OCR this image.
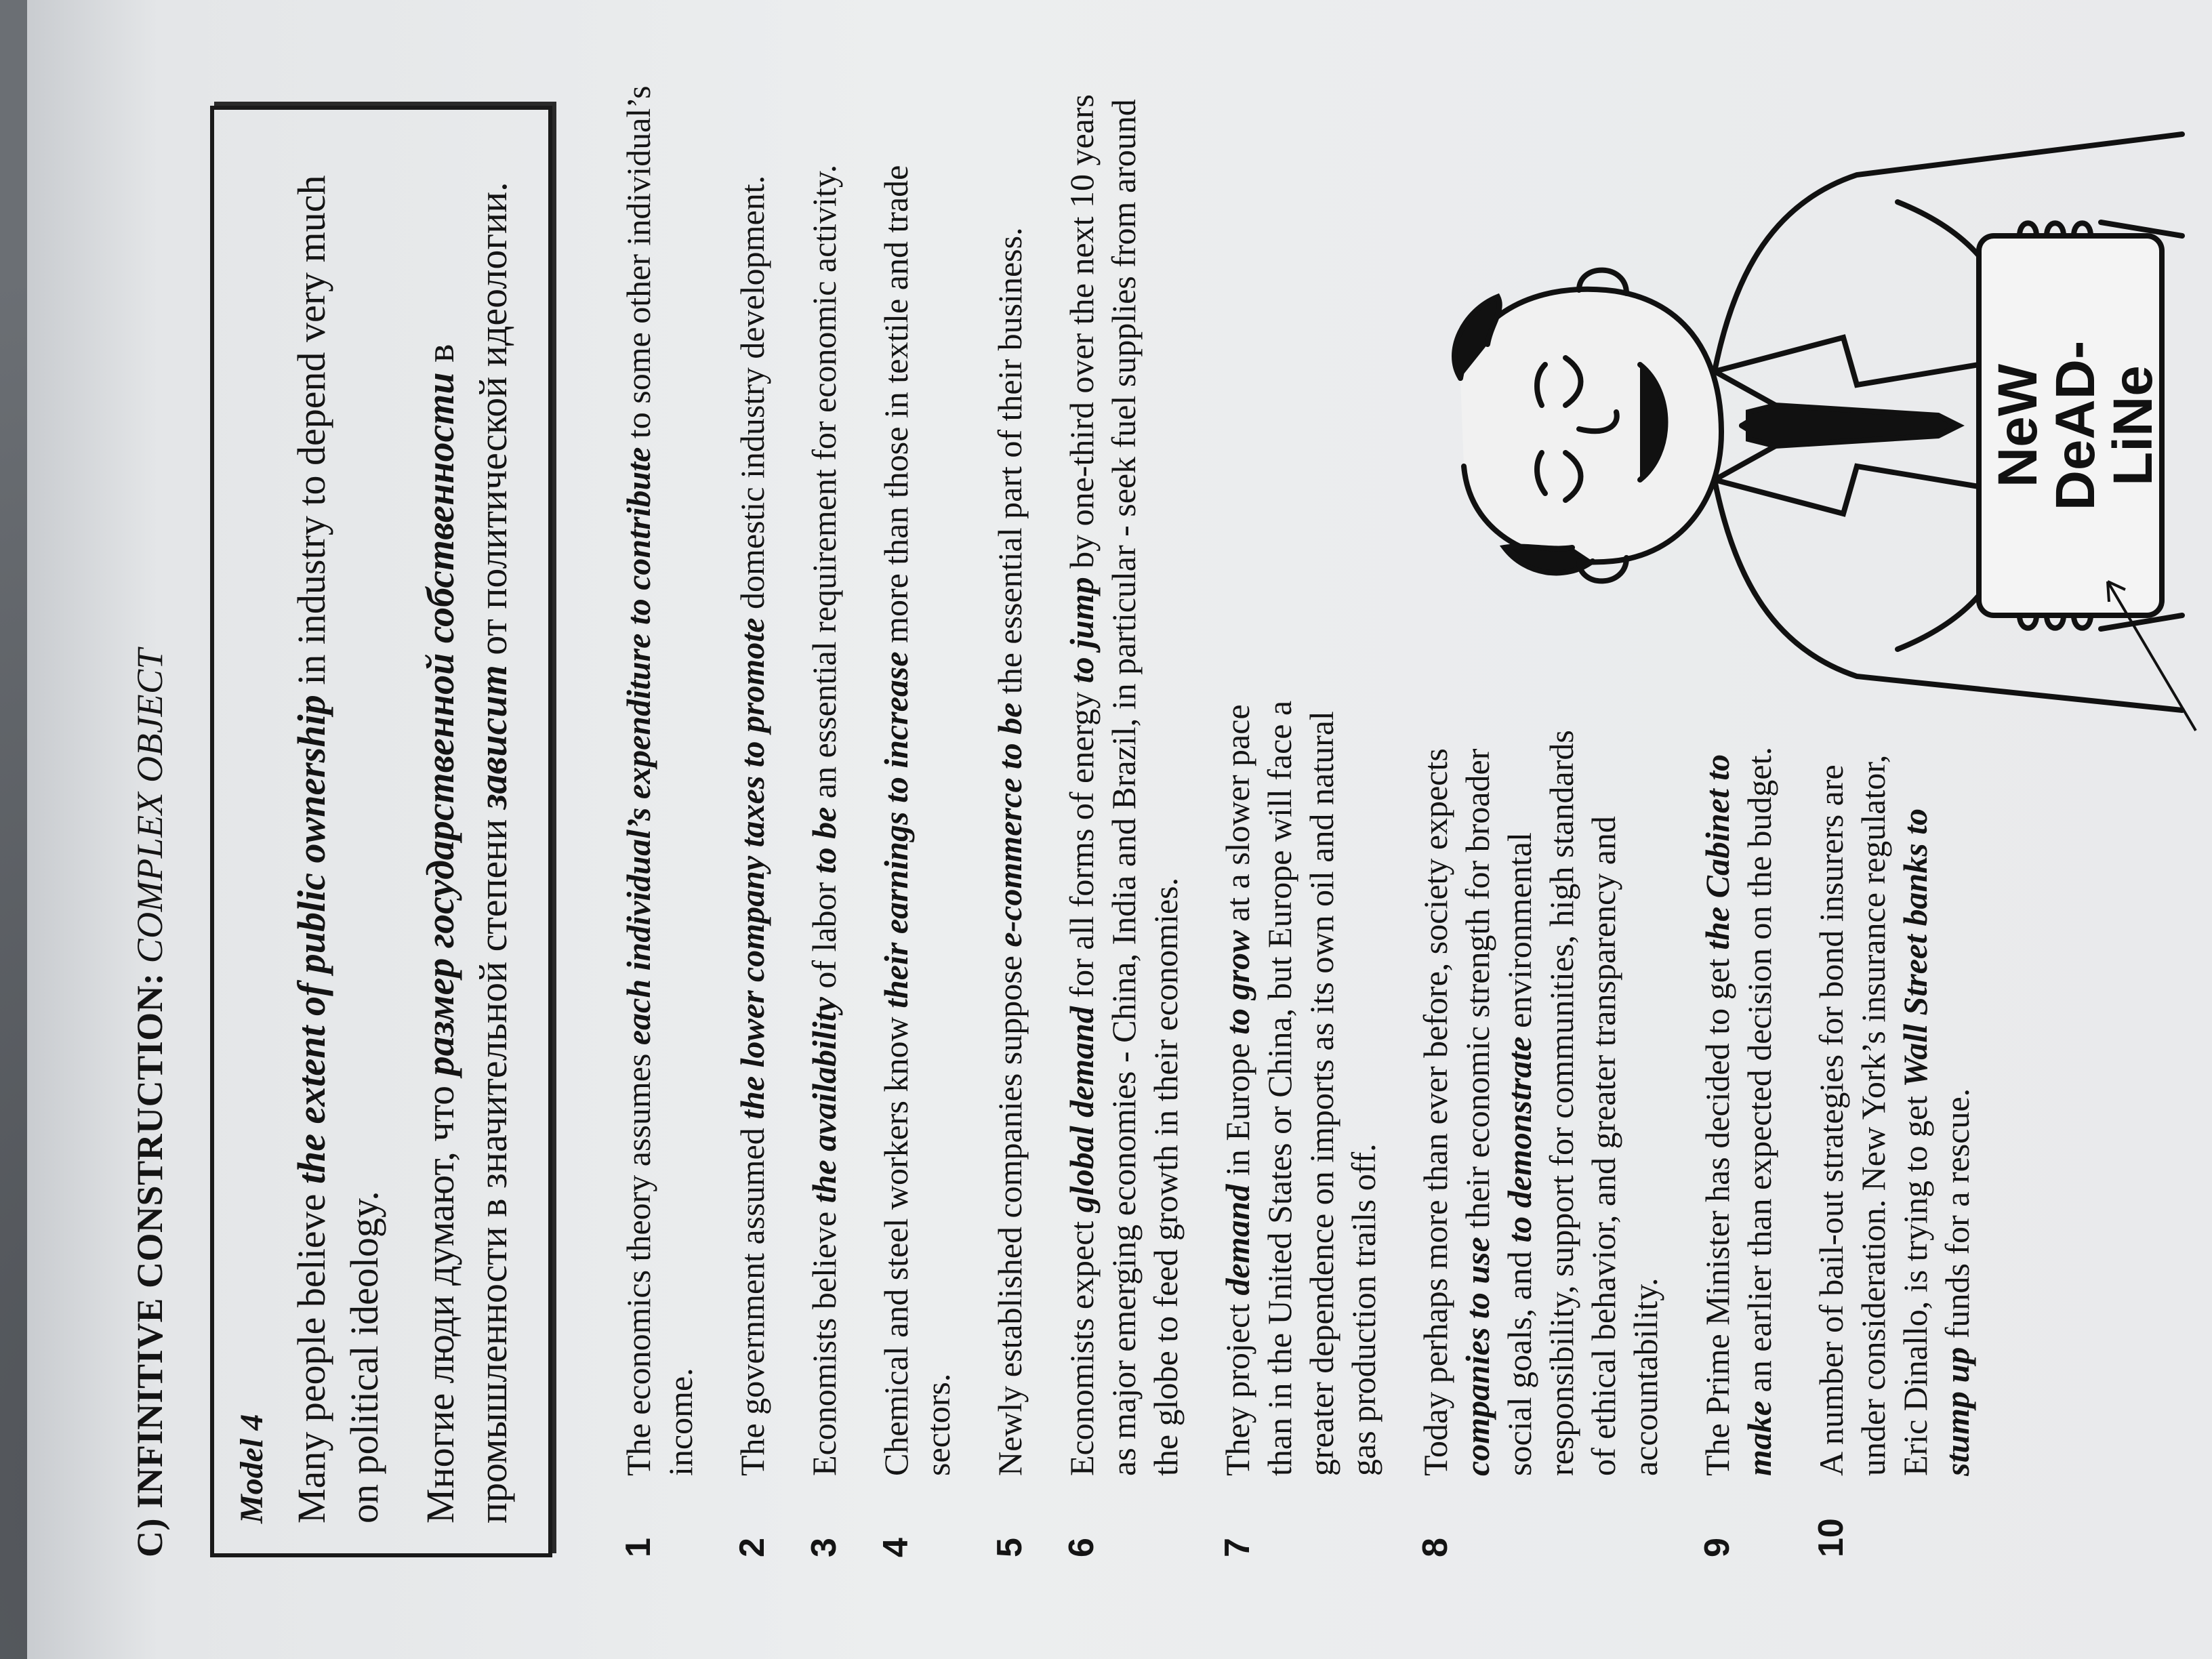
C) INFINITIVE CONSTRUCTION: COMPLEX OBJECT
Model 4 Many people believe the extent of public ownership in industry to depend very much on political ideology. Многие люди думают, что размер государственной собственности в промышленности в значительной степени зависит от политической идеологии.
1
The economics theory assumes each individual’s expenditure to contribute to some other individual’s income.
2
The government assumed the lower company taxes to promote domestic industry development.
3
Economists believe the availability of labor to be an essential requirement for economic activity.
4
Chemical and steel workers know their earnings to increase more than those in textile and trade sectors.
5
Newly established companies suppose e-commerce to be the essential part of their business.
6
Economists expect global demand for all forms of energy to jump by one-third over the next 10 years as major emerging economies - China, India and Brazil, in particular - seek fuel supplies from around the globe to feed growth in their economies.
7
They project demand in Europe to grow at a slower pace than in the United States or China, but Europe will face a greater dependence on imports as its own oil and natural gas production trails off.
8
Today perhaps more than ever before, society expects companies to use their economic strength for broader social goals, and to demonstrate environmental responsibility, support for communities, high standards of ethical behavior, and greater transparency and accountability.
9
The Prime Minister has decided to get the Cabinet to make an earlier than expected decision on the budget.
10
A number of bail-out strategies for bond insurers are under consideration. New York’s insurance regulator, Eric Dinallo, is trying to get Wall Street banks to stump up funds for a rescue.
NeW
DeAD-
LiNe
